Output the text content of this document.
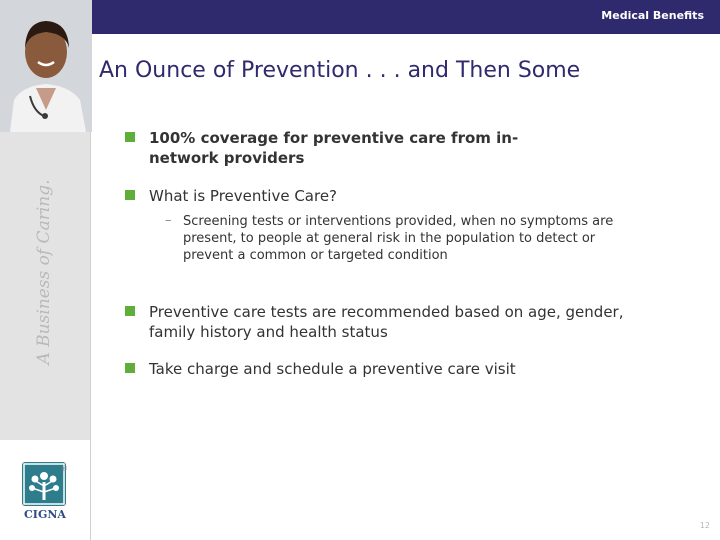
A Business of Caring.
Medical Benefits
An Ounce of Prevention . . . and Then Some
100% coverage for preventive care from in-network providers
What is Preventive Care?
– Screening tests or interventions provided, when no symptoms are present, to people at general risk in the population to detect or prevent a common or targeted condition
Preventive care tests are recommended based on age, gender, family history and health status
Take charge and schedule a preventive care visit
®
CIGNA
12
